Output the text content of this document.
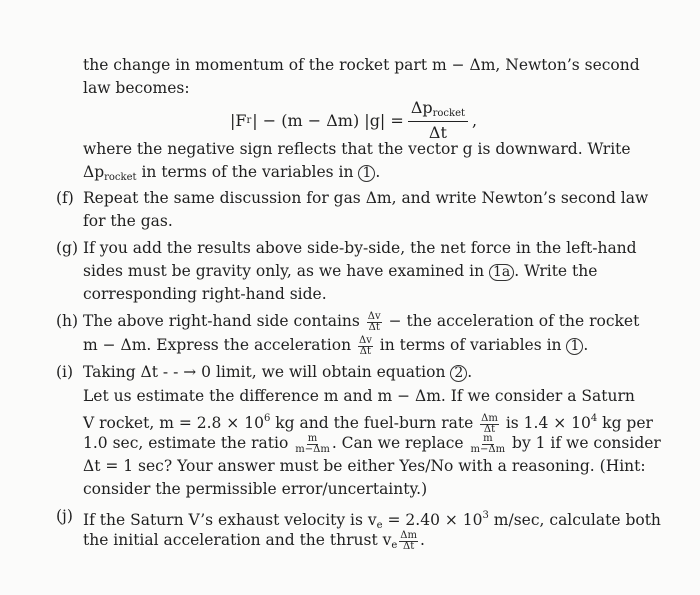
the change in momentum of the rocket part m − Δm, Newton’s second
law becomes:
|F r | − (m − Δm) $|g| = \frac{\Delta p_{rocket}}{\Delta t}$ ,
where the negative sign reflects that the vector g is downward. Write
$\Delta p_{rocket}$ in terms of the variables in 1 .
(f) Repeat the same discussion for gas Δm, and write Newton’s second law
for the gas.
(g) If you add the results above side-by-side, the net force in the left-hand
sides must be gravity only, as we have examined in 1a . Write the
corresponding right-hand side.
(h) The above right-hand side contains $\frac{\Delta v}{\Delta t}$ − the acceleration of the rocket
m − Δm. Express the acceleration $\frac{\Delta v}{\Delta t}$ in terms of variables in 1 .
(i) Taking Δt - - → 0 limit, we will obtain equation 2 .
Let us estimate the difference m and m − Δm. If we consider a Saturn
V rocket, $m = 2.8 \times 10^6$ kg and the fuel-burn rate $\frac{\Delta m}{\Delta t}$ is $1.4 \times 10^4$ kg per
1.0 sec, estimate the ratio $\frac{m}{m-\Delta m}$ . Can we replace $\frac{m}{m-\Delta m}$ by 1 if we consider
Δt = 1 sec? Your answer must be either Yes/No with a reasoning. (Hint:
consider the permissible error/uncertainty.)
(j) If the Saturn V’s exhaust velocity is $v_e = 2.40 \times 10^3$ m/sec, calculate both
the initial acceleration and the thrust $v_e \frac{\Delta m}{\Delta t}$ .
